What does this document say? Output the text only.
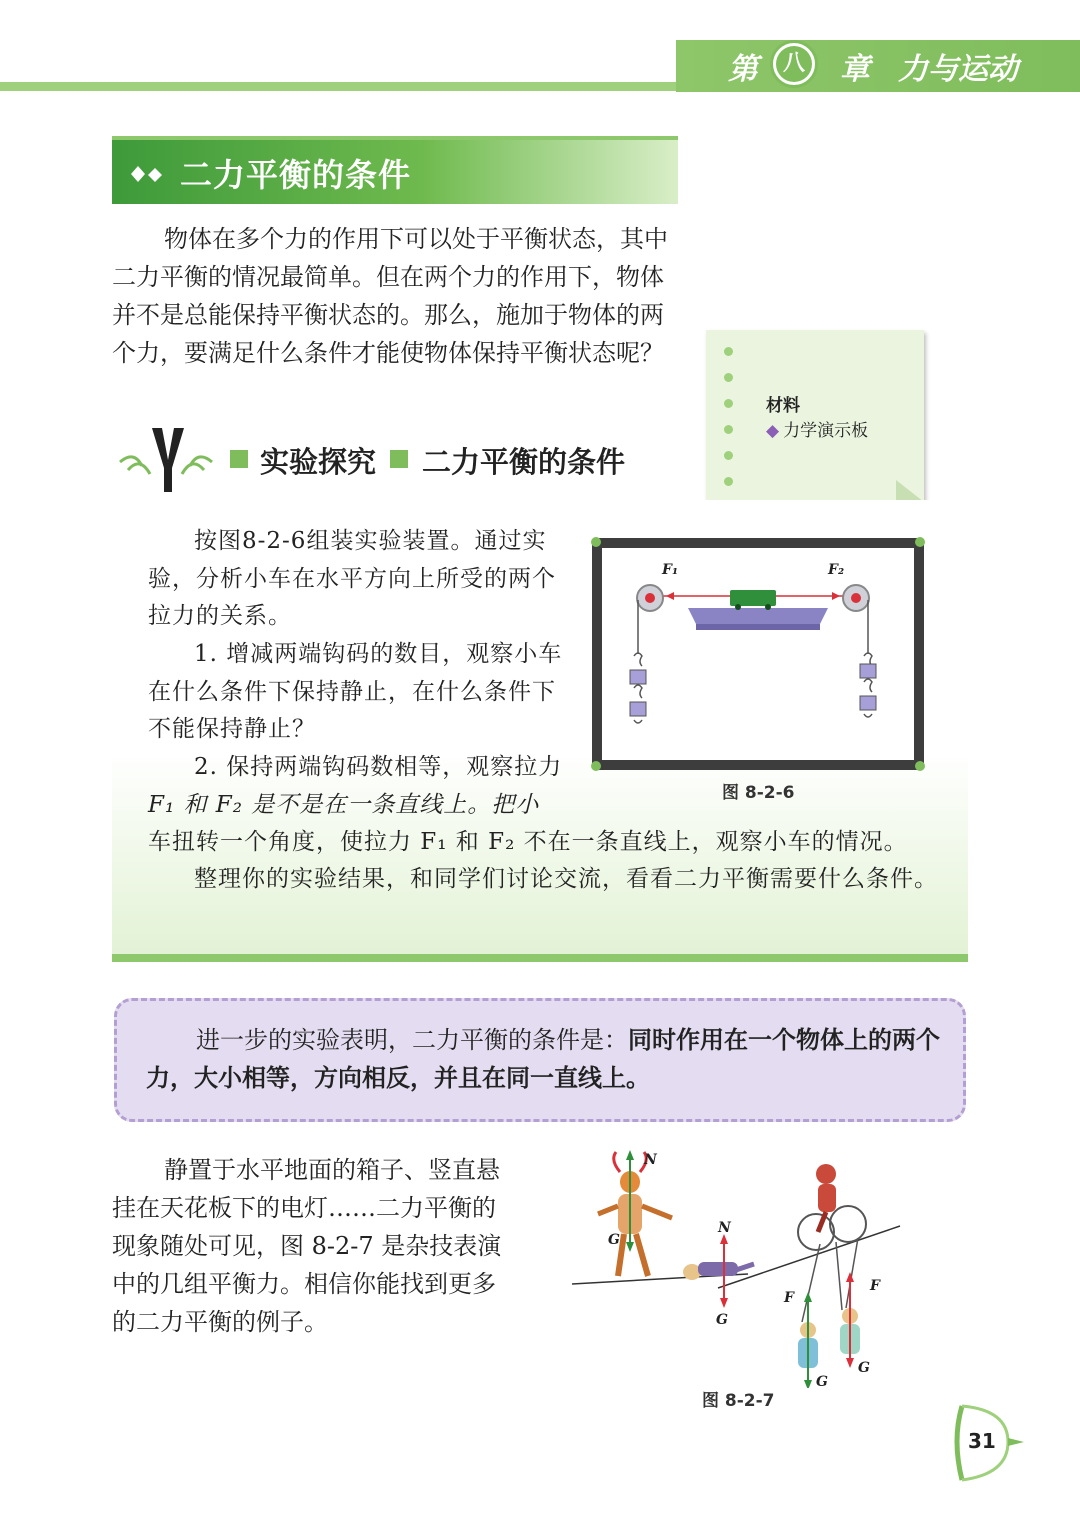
第	八 章 力与运动
二力平衡的条件
物体在多个力的作用下可以处于平衡状态，其中二力平衡的情况最简单。但在两个力的作用下，物体并不是总能保持平衡状态的。那么，施加于物体的两个力，要满足什么条件才能使物体保持平衡状态呢？
材料
◆ 力学演示板
实验探究 二力平衡的条件
按图8-2-6组装实验装置。通过实验，分析小车在水平方向上所受的两个拉力的关系。
1. 增减两端钩码的数目，观察小车在什么条件下保持静止，在什么条件下不能保持静止？
2. 保持两端钩码数相等，观察拉力
F₁ 和 F₂ 是不是在一条直线上。把小
车扭转一个角度，使拉力 F₁ 和 F₂ 不在一条直线上，观察小车的情况。
整理你的实验结果，和同学们讨论交流，看看二力平衡需要什么条件。
F₁	F₂
图 8-2-6
进一步的实验表明，二力平衡的条件是：同时作用在一个物体上的两个力，大小相等，方向相反，并且在同一直线上。
静置于水平地面的箱子、竖直悬挂在天花板下的电灯……二力平衡的现象随处可见，图 8-2-7 是杂技表演中的几组平衡力。相信你能找到更多的二力平衡的例子。
N
G
N
G
F
F
G
G
图 8-2-7
31
